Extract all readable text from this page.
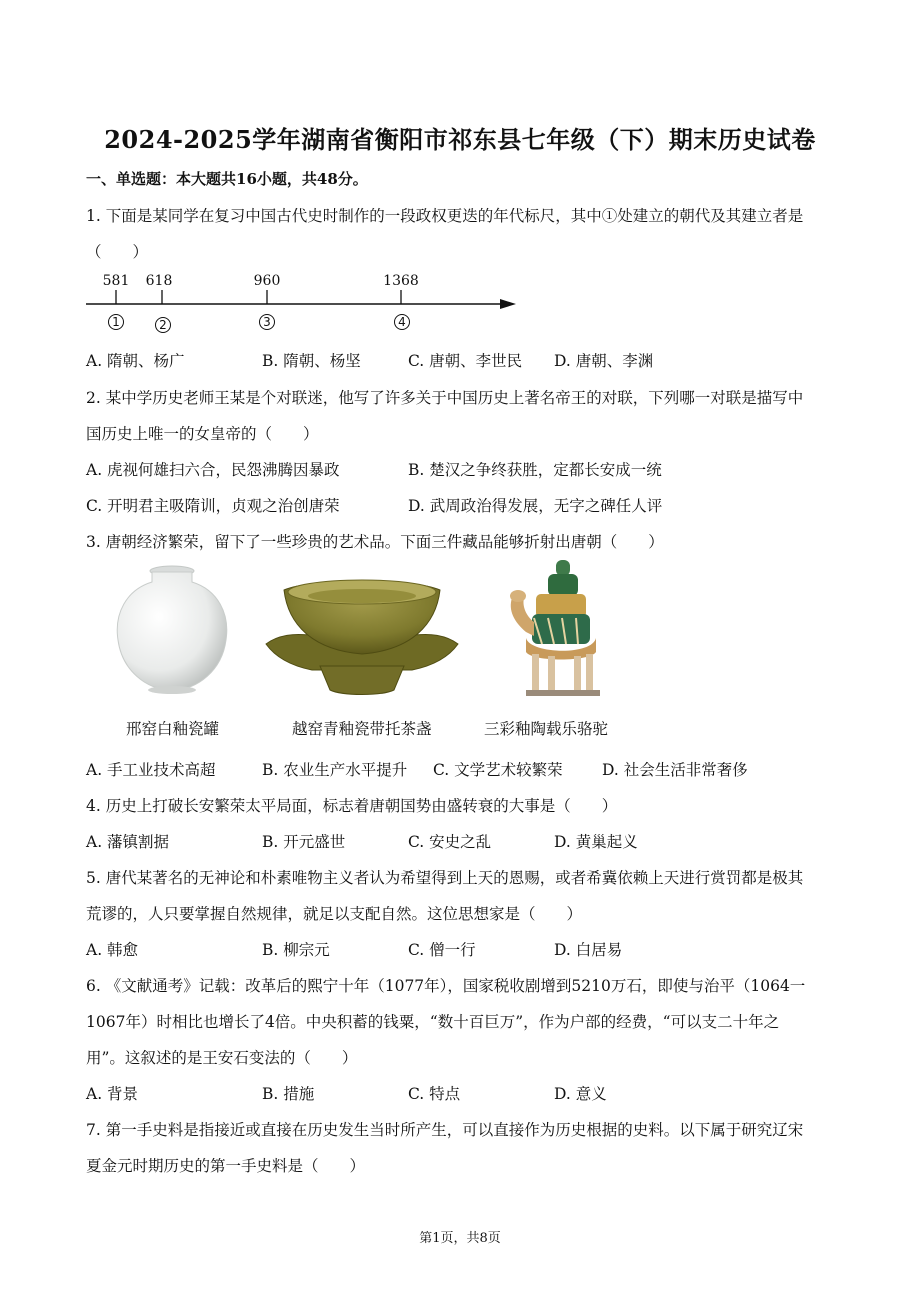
2024-2025学年湖南省衡阳市祁东县七年级（下）期末历史试卷
一、单选题：本大题共16小题，共48分。
1. 下面是某同学在复习中国古代史时制作的一段政权更迭的年代标尺，其中①处建立的朝代及其建立者是
（　　）
581 618	960	1368
1	2	3	4
A. 隋朝、杨广	B. 隋朝、杨坚	C. 唐朝、李世民 D. 唐朝、李渊
2. 某中学历史老师王某是个对联迷，他写了许多关于中国历史上著名帝王的对联，下列哪一对联是描写中
国历史上唯一的女皇帝的（　　）
A. 虎视何雄扫六合，民怨沸腾因暴政	B. 楚汉之争终获胜，定都长安成一统
C. 开明君主吸隋训，贞观之治创唐荣	D. 武周政治得发展，无字之碑任人评
3. 唐朝经济繁荣，留下了一些珍贵的艺术品。下面三件藏品能够折射出唐朝（　　）
邢窑白釉瓷罐	越窑青釉瓷带托茶盏	三彩釉陶载乐骆驼
A. 手工业技术高超	B. 农业生产水平提升 C. 文学艺术较繁荣	D. 社会生活非常奢侈
4. 历史上打破长安繁荣太平局面，标志着唐朝国势由盛转衰的大事是（　　）
A. 藩镇割据	B. 开元盛世	C. 安史之乱	D. 黄巢起义
5. 唐代某著名的无神论和朴素唯物主义者认为希望得到上天的恩赐，或者希冀依赖上天进行赏罚都是极其
荒谬的，人只要掌握自然规律，就足以支配自然。这位思想家是（　　）
A. 韩愈	B. 柳宗元	C. 僧一行	D. 白居易
6. 《文献通考》记载：改革后的熙宁十年（1077年），国家税收剧增到5210万石，即使与治平（1064一
1067年）时相比也增长了4倍。中央积蓄的钱粟，“数十百巨万”，作为户部的经费，“可以支二十年之
用”。这叙述的是王安石变法的（　　）
A. 背景	B. 措施	C. 特点	D. 意义
7. 第一手史料是指接近或直接在历史发生当时所产生，可以直接作为历史根据的史料。以下属于研究辽宋
夏金元时期历史的第一手史料是（　　）
第1页，共8页
